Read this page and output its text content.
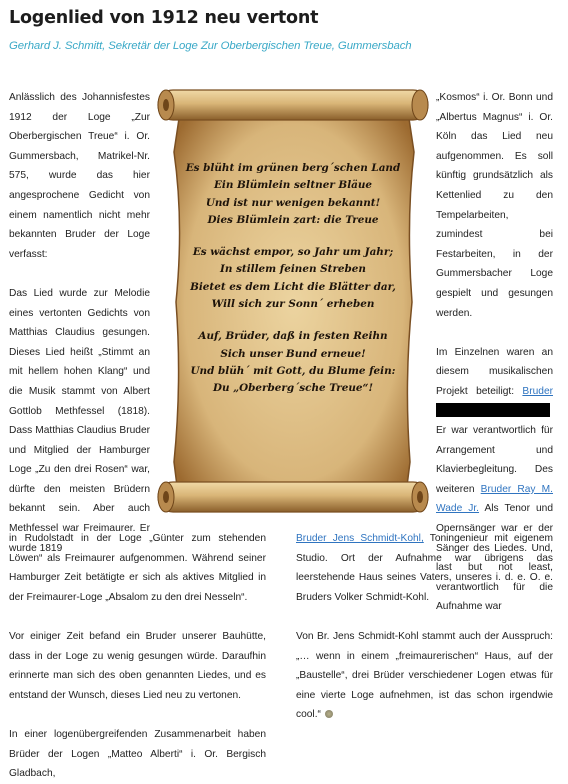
Logenlied von 1912 neu vertont
Gerhard J. Schmitt, Sekretär der Loge Zur Oberbergischen Treue, Gummersbach

Anlässlich des Johannisfestes 1912 der Loge „Zur Oberbergischen Treue“ i. Or. Gummersbach, Matrikel-Nr. 575, wurde das hier angesprochene Gedicht von einem namentlich nicht mehr bekannten Bruder der Loge verfasst:

Das Lied wurde zur Melodie eines vertonten Gedichts von Matthias Claudius gesungen. Dieses Lied heißt „Stimmt an mit hellem hohen Klang“ und die Musik stammt von Albert Gottlob Methfessel (1818). Dass Matthias Claudius Bruder und Mitglied der Hamburger Loge „Zu den drei Rosen“ war, dürfte den meisten Brüdern bekannt sein. Aber auch Methfessel war Freimaurer. Er wurde 1819

in Rudolstadt in der Loge „Günter zum stehenden Löwen“ als Freimaurer aufgenommen. Während seiner Hamburger Zeit betätigte er sich als aktives Mitglied in der Freimaurer-Loge „Absalom zu den drei Nesseln“.

Vor einiger Zeit befand ein Bruder unserer Bauhütte, dass in der Loge zu wenig gesungen würde. Daraufhin erinnerte man sich des oben genannten Liedes, und es entstand der Wunsch, dieses Lied neu zu vertonen.

In einer logenübergreifenden Zusammenarbeit haben Brüder der Logen „Matteo Alberti“ i. Or. Bergisch Gladbach,

„Kosmos“ i. Or. Bonn und „Albertus Magnus“ i. Or. Köln das Lied neu aufgenommen. Es soll künftig grundsätzlich als Kettenlied zu den Tempelarbeiten, zumindest bei Festarbeiten, in der Gummersbacher Loge gespielt und gesungen werden.

Im Einzelnen waren an diesem musikalischen Projekt beteiligt: Bruder  Er war verantwortlich für Arrangement und Klavierbegleitung. Des weiteren Bruder Ray M. Wade Jr. Als Tenor und Opernsänger war er der Sänger des Liedes. Und, last but not least, verantwortlich für die Aufnahme war

Bruder Jens Schmidt-Kohl, Toningenieur mit eigenem Studio. Ort der Aufnahme war übrigens das leerstehende Haus seines Vaters, unseres i. d. e. O. e. Bruders Volker Schmidt-Kohl.

Von Br. Jens Schmidt-Kohl stammt auch der Ausspruch: „… wenn in einem „freimaurerischen“ Haus, auf der „Baustelle“, drei Brüder verschiedener Logen etwas für eine vierte Loge aufnehmen, ist das schon irgendwie cool.“

Es blüht im grünen berg´schen Land
Ein Blümlein seltner Bläue
Und ist nur wenigen bekannt!
Dies Blümlein zart: die Treue
Es wächst empor, so Jahr um Jahr;
In stillem feinen Streben
Bietet es dem Licht die Blätter dar,
Will sich zur Sonn´ erheben
Auf, Brüder, daß in festen Reihn
Sich unser Bund erneue!
Und blüh´ mit Gott, du Blume fein:
Du „Oberberg´sche Treue“!
